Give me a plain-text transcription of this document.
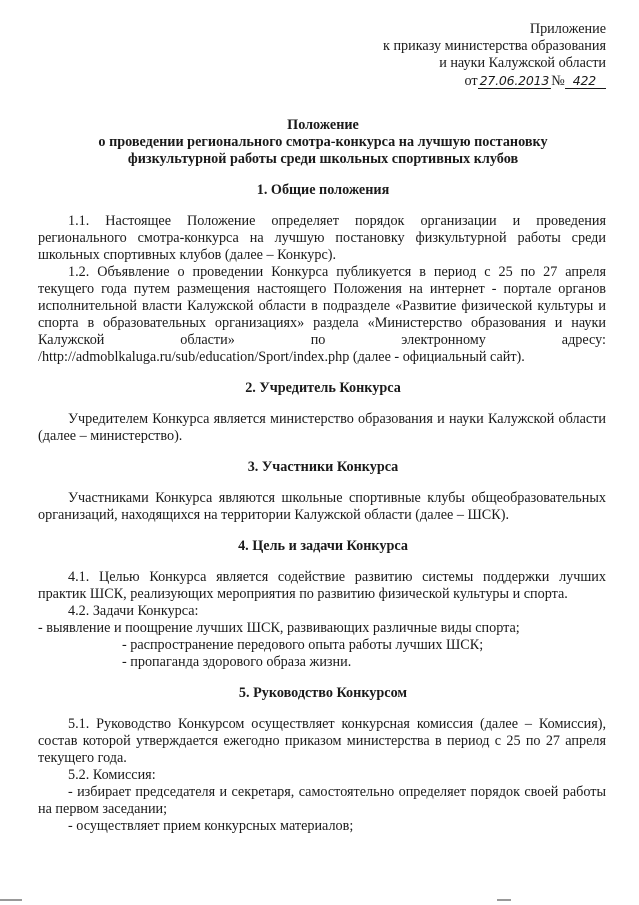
Приложение
к приказу министерства образования
и науки Калужской области
от 27.06.2013 № 422
Положение
о проведении регионального смотра-конкурса на лучшую постановку
физкультурной работы среди школьных спортивных клубов
1. Общие положения
1.1. Настоящее Положение определяет порядок организации и проведения регионального смотра-конкурса на лучшую постановку физкультурной работы среди школьных спортивных клубов (далее – Конкурс).
1.2. Объявление о проведении Конкурса публикуется в период с 25 по 27 апреля текущего года путем размещения настоящего Положения на интернет - портале органов исполнительной власти Калужской области в подразделе «Развитие физической культуры и спорта в образовательных организациях» раздела «Министерство образования и науки Калужской области» по электронному адресу: /http://admoblkaluga.ru/sub/education/Sport/index.php (далее - официальный сайт).
2. Учредитель Конкурса
Учредителем Конкурса является министерство образования и науки Калужской области (далее – министерство).
3. Участники Конкурса
Участниками Конкурса являются школьные спортивные клубы общеобразовательных организаций, находящихся на территории Калужской области (далее – ШСК).
4. Цель и задачи Конкурса
4.1. Целью Конкурса является содействие развитию системы поддержки лучших практик ШСК, реализующих мероприятия по развитию физической культуры и спорта.
4.2. Задачи Конкурса:
- выявление и поощрение лучших ШСК, развивающих различные виды спорта;
- распространение передового опыта работы лучших ШСК;
- пропаганда здорового образа жизни.
5. Руководство Конкурсом
5.1. Руководство Конкурсом осуществляет конкурсная комиссия (далее – Комиссия), состав которой утверждается ежегодно приказом министерства в период с 25 по 27 апреля текущего года.
5.2. Комиссия:
- избирает председателя и секретаря, самостоятельно определяет порядок своей работы на первом заседании;
- осуществляет прием конкурсных материалов;
